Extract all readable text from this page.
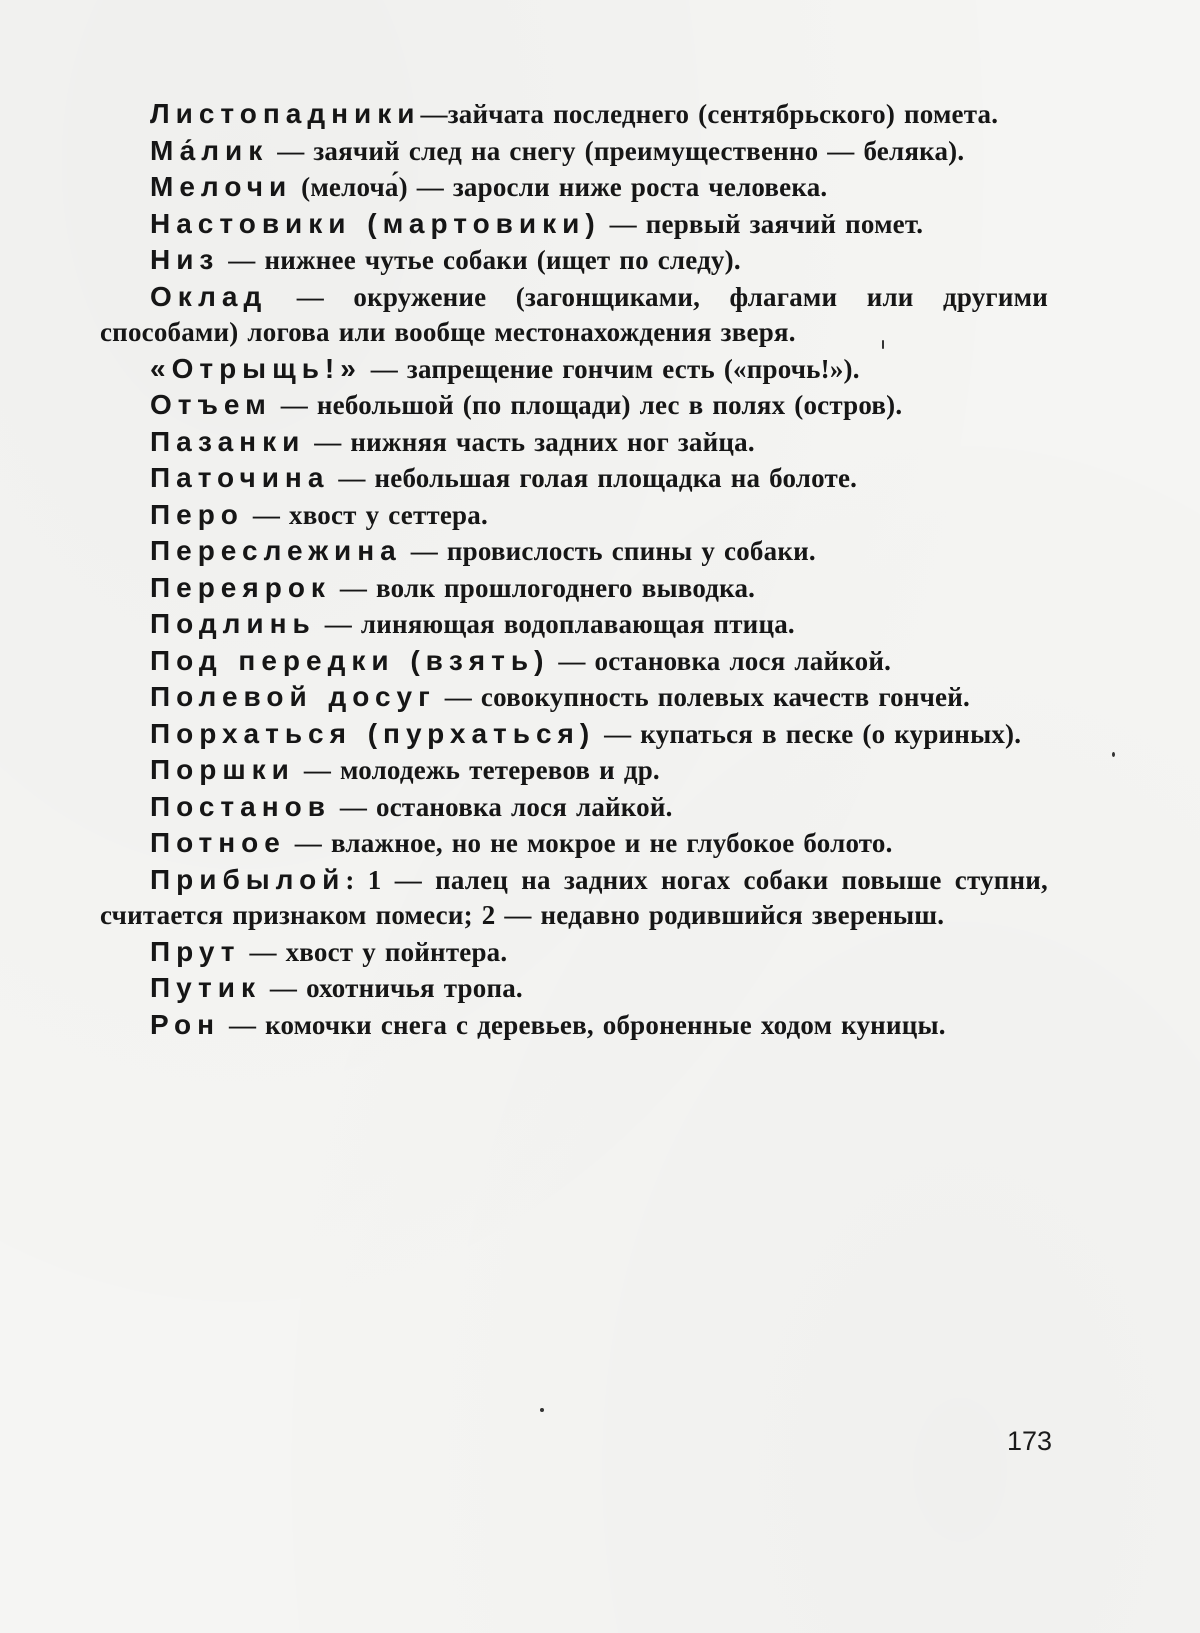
Листопадники—зайчата последнего (сентябрьского) помета.

Ма́лик — заячий след на снегу (преимущественно — беляка).

Мелочи (мелоча́) — заросли ниже роста человека.

Настовики (мартовики) — первый заячий помет.

Низ — нижнее чутье собаки (ищет по следу).

Оклад — окружение (загонщиками, флагами или другими способами) логова или вообще местонахождения зверя.

«Отрыщь!» — запрещение гончим есть («прочь!»).

Отъем — небольшой (по площади) лес в полях (остров).

Пазанки — нижняя часть задних ног зайца.

Паточина — небольшая голая площадка на болоте.

Перо — хвост у сеттера.

Переслежина — провислость спины у собаки.

Переярок — волк прошлогоднего выводка.

Подлинь — линяющая водоплавающая птица.

Под передки (взять) — остановка лося лайкой.

Полевой досуг — совокупность полевых качеств гончей.

Порхаться (пурхаться) — купаться в песке (о куриных).

Поршки — молодежь тетеревов и др.

Постанов — остановка лося лайкой.

Потное — влажное, но не мокрое и не глубокое болото.

Прибылой: 1 — палец на задних ногах собаки повыше ступни, считается признаком помеси; 2 — недавно родившийся звереныш.

Прут — хвост у пойнтера.

Путик — охотничья тропа.

Рон — комочки снега с деревьев, оброненные ходом куницы.

173
